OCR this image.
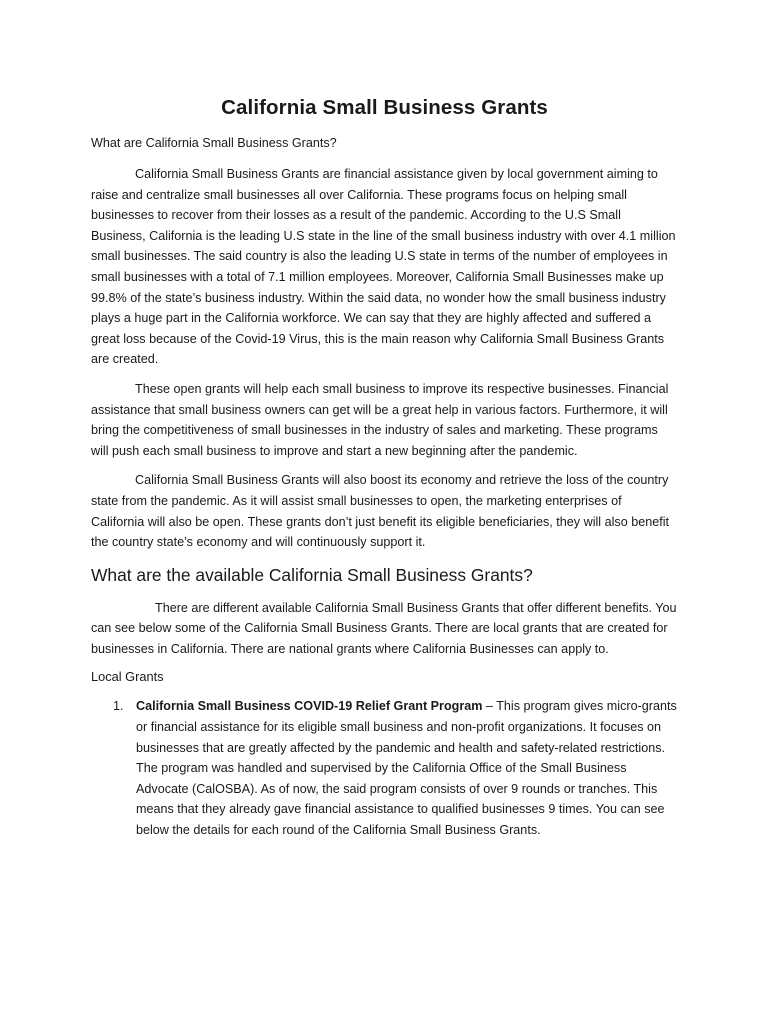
California Small Business Grants

What are California Small Business Grants?

California Small Business Grants are financial assistance given by local government aiming to raise and centralize small businesses all over California. These programs focus on helping small businesses to recover from their losses as a result of the pandemic. According to the U.S Small Business, California is the leading U.S state in the line of the small business industry with over 4.1 million small businesses. The said country is also the leading U.S state in terms of the number of employees in small businesses with a total of 7.1 million employees. Moreover, California Small Businesses make up 99.8% of the state’s business industry. Within the said data, no wonder how the small business industry plays a huge part in the California workforce. We can say that they are highly affected and suffered a great loss because of the Covid-19 Virus, this is the main reason why California Small Business Grants are created.

These open grants will help each small business to improve its respective businesses. Financial assistance that small business owners can get will be a great help in various factors. Furthermore, it will bring the competitiveness of small businesses in the industry of sales and marketing. These programs will push each small business to improve and start a new beginning after the pandemic.

California Small Business Grants will also boost its economy and retrieve the loss of the country state from the pandemic. As it will assist small businesses to open, the marketing enterprises of California will also be open. These grants don’t just benefit its eligible beneficiaries, they will also benefit the country state’s economy and will continuously support it.

What are the available California Small Business Grants?

There are different available California Small Business Grants that offer different benefits. You can see below some of the California Small Business Grants. There are local grants that are created for businesses in California. There are national grants where California Businesses can apply to.

Local Grants

1. California Small Business COVID-19 Relief Grant Program – This program gives micro-grants or financial assistance for its eligible small business and non-profit organizations. It focuses on businesses that are greatly affected by the pandemic and health and safety-related restrictions. The program was handled and supervised by the California Office of the Small Business Advocate (CalOSBA). As of now, the said program consists of over 9 rounds or tranches. This means that they already gave financial assistance to qualified businesses 9 times. You can see below the details for each round of the California Small Business Grants.
